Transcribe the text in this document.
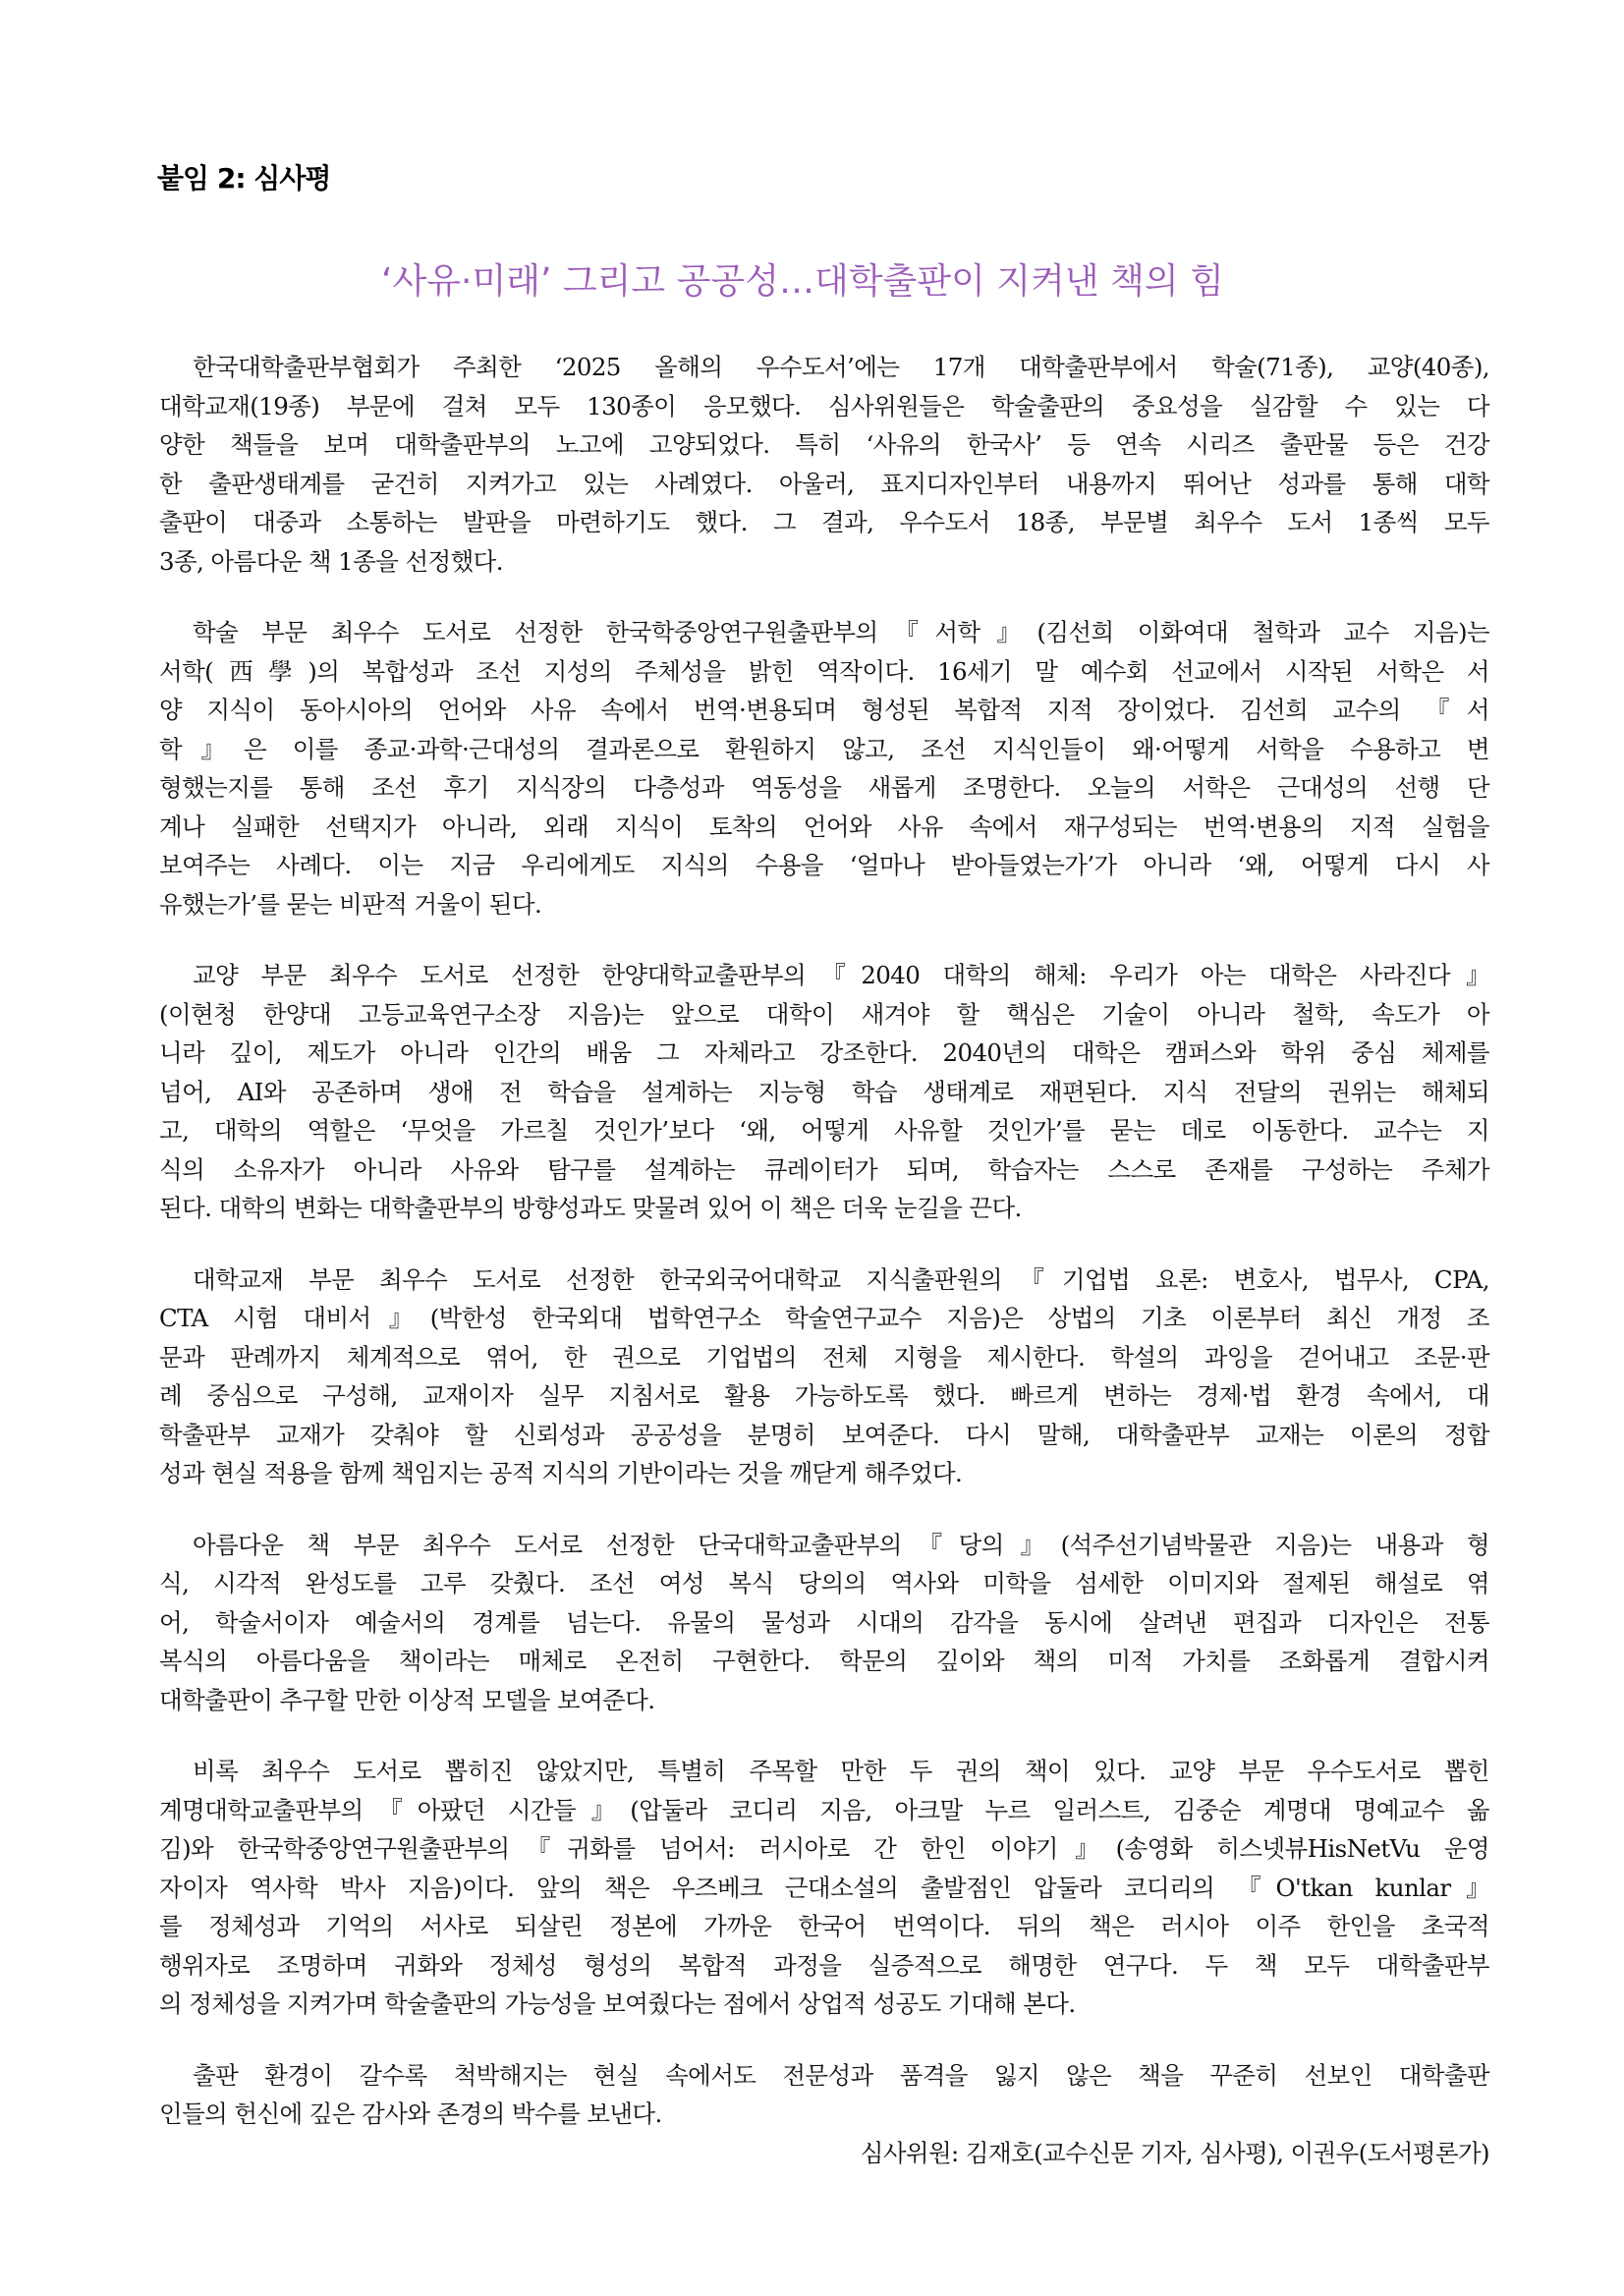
붙임 2: 심사평
‘사유·미래’ 그리고 공공성…대학출판이 지켜낸 책의 힘
한국대학출판부협회가 주최한 ‘2025 올해의 우수도서’에는 17개 대학출판부에서 학술(71종), 교양(40종),
대학교재(19종) 부문에 걸쳐 모두 130종이 응모했다. 심사위원들은 학술출판의 중요성을 실감할 수 있는 다
양한 책들을 보며 대학출판부의 노고에 고양되었다. 특히 ‘사유의 한국사’ 등 연속 시리즈 출판물 등은 건강
한 출판생태계를 굳건히 지켜가고 있는 사례였다. 아울러, 표지디자인부터 내용까지 뛰어난 성과를 통해 대학
출판이 대중과 소통하는 발판을 마련하기도 했다. 그 결과, 우수도서 18종, 부문별 최우수 도서 1종씩 모두
3종, 아름다운 책 1종을 선정했다.
학술 부문 최우수 도서로 선정한 한국학중앙연구원출판부의『서학』(김선희 이화여대 철학과 교수 지음)는
서학(西學)의 복합성과 조선 지성의 주체성을 밝힌 역작이다. 16세기 말 예수회 선교에서 시작된 서학은 서
양 지식이 동아시아의 언어와 사유 속에서 번역·변용되며 형성된 복합적 지적 장이었다. 김선희 교수의 『서
학』은 이를 종교·과학·근대성의 결과론으로 환원하지 않고, 조선 지식인들이 왜·어떻게 서학을 수용하고 변
형했는지를 통해 조선 후기 지식장의 다층성과 역동성을 새롭게 조명한다. 오늘의 서학은 근대성의 선행 단
계나 실패한 선택지가 아니라, 외래 지식이 토착의 언어와 사유 속에서 재구성되는 번역·변용의 지적 실험을
보여주는 사례다. 이는 지금 우리에게도 지식의 수용을 ‘얼마나 받아들였는가’가 아니라 ‘왜, 어떻게 다시 사
유했는가’를 묻는 비판적 거울이 된다.
교양 부문 최우수 도서로 선정한 한양대학교출판부의『2040 대학의 해체: 우리가 아는 대학은 사라진다』
(이현청 한양대 고등교육연구소장 지음)는 앞으로 대학이 새겨야 할 핵심은 기술이 아니라 철학, 속도가 아
니라 깊이, 제도가 아니라 인간의 배움 그 자체라고 강조한다. 2040년의 대학은 캠퍼스와 학위 중심 체제를
넘어, AI와 공존하며 생애 전 학습을 설계하는 지능형 학습 생태계로 재편된다. 지식 전달의 권위는 해체되
고, 대학의 역할은 ‘무엇을 가르칠 것인가’보다 ‘왜, 어떻게 사유할 것인가’를 묻는 데로 이동한다. 교수는 지
식의 소유자가 아니라 사유와 탐구를 설계하는 큐레이터가 되며, 학습자는 스스로 존재를 구성하는 주체가
된다. 대학의 변화는 대학출판부의 방향성과도 맞물려 있어 이 책은 더욱 눈길을 끈다.
대학교재 부문 최우수 도서로 선정한 한국외국어대학교 지식출판원의『기업법 요론: 변호사, 법무사, CPA,
CTA 시험 대비서』(박한성 한국외대 법학연구소 학술연구교수 지음)은 상법의 기초 이론부터 최신 개정 조
문과 판례까지 체계적으로 엮어, 한 권으로 기업법의 전체 지형을 제시한다. 학설의 과잉을 걷어내고 조문·판
례 중심으로 구성해, 교재이자 실무 지침서로 활용 가능하도록 했다. 빠르게 변하는 경제·법 환경 속에서, 대
학출판부 교재가 갖춰야 할 신뢰성과 공공성을 분명히 보여준다. 다시 말해, 대학출판부 교재는 이론의 정합
성과 현실 적용을 함께 책임지는 공적 지식의 기반이라는 것을 깨닫게 해주었다.
아름다운 책 부문 최우수 도서로 선정한 단국대학교출판부의『당의』(석주선기념박물관 지음)는 내용과 형
식, 시각적 완성도를 고루 갖췄다. 조선 여성 복식 당의의 역사와 미학을 섬세한 이미지와 절제된 해설로 엮
어, 학술서이자 예술서의 경계를 넘는다. 유물의 물성과 시대의 감각을 동시에 살려낸 편집과 디자인은 전통
복식의 아름다움을 책이라는 매체로 온전히 구현한다. 학문의 깊이와 책의 미적 가치를 조화롭게 결합시켜
대학출판이 추구할 만한 이상적 모델을 보여준다.
비록 최우수 도서로 뽑히진 않았지만, 특별히 주목할 만한 두 권의 책이 있다. 교양 부문 우수도서로 뽑힌
계명대학교출판부의『아팠던 시간들』(압둘라 코디리 지음, 아크말 누르 일러스트, 김중순 계명대 명예교수 옮
김)와 한국학중앙연구원출판부의『귀화를 넘어서: 러시아로 간 한인 이야기』(송영화 히스넷뷰HisNetVu 운영
자이자 역사학 박사 지음)이다. 앞의 책은 우즈베크 근대소설의 출발점인 압둘라 코디리의 『O'tkan kunlar』
를 정체성과 기억의 서사로 되살린 정본에 가까운 한국어 번역이다. 뒤의 책은 러시아 이주 한인을 초국적
행위자로 조명하며 귀화와 정체성 형성의 복합적 과정을 실증적으로 해명한 연구다. 두 책 모두 대학출판부
의 정체성을 지켜가며 학술출판의 가능성을 보여줬다는 점에서 상업적 성공도 기대해 본다.
출판 환경이 갈수록 척박해지는 현실 속에서도 전문성과 품격을 잃지 않은 책을 꾸준히 선보인 대학출판
인들의 헌신에 깊은 감사와 존경의 박수를 보낸다.
심사위원: 김재호(교수신문 기자, 심사평), 이권우(도서평론가)
